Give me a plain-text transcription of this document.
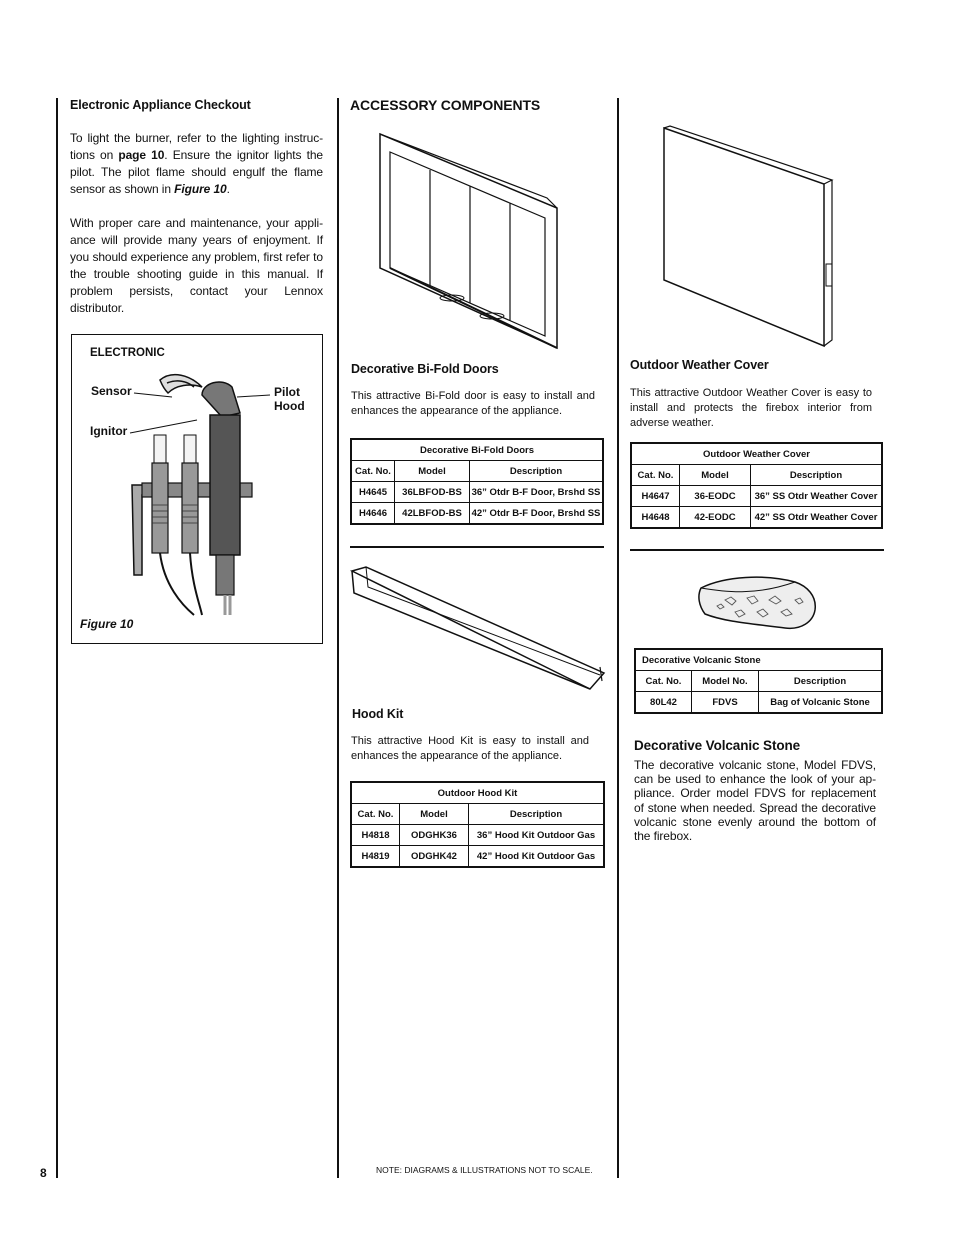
8	NOTE: DIAGRAMS & ILLUSTRATIONS NOT TO SCALE.
Electronic Appliance Checkout
To light the burner, refer to the lighting instruc-tions on page 10. Ensure the ignitor lights the pilot. The pilot flame should engulf the flame sensor as shown in Figure 10.
With proper care and maintenance, your appli-ance will provide many years of enjoyment. If you should experience any problem, first refer to the trouble shooting guide in this manual. If problem persists, contact your Lennox distributor.
ELECTRONIC
Sensor	Pilot
Hood
Ignitor
Figure 10
ACCESSORY COMPONENTS
Decorative Bi-Fold Doors
This attractive Bi-Fold door is easy to install and enhances the appearance of the appliance.
Decorative Bi-Fold Doors		
Cat. No.	Model	Description
H4645	36LBFOD-BS	36” Otdr B-F Door, Brshd SS
H4646	42LBFOD-BS	42” Otdr B-F Door, Brshd SS
Hood Kit
This attractive Hood Kit is easy to install and enhances the appearance of the appliance.
Outdoor Hood Kit		
Cat. No.	Model	Description
H4818	ODGHK36	36” Hood Kit Outdoor Gas
H4819	ODGHK42	42” Hood Kit Outdoor Gas
Outdoor Weather Cover
This attractive Outdoor Weather Cover is easy to install and protects the firebox interior from adverse weather.
Outdoor Weather Cover		
Cat. No.	Model	Description
H4647	36-EODC	36” SS Otdr Weather Cover
H4648	42-EODC	42” SS Otdr Weather Cover
Decorative Volcanic Stone		
Cat. No.	Model No.	Description
80L42	FDVS	Bag of Volcanic Stone
Decorative Volcanic Stone
The decorative volcanic stone, Model FDVS, can be used to enhance the look of your ap-pliance. Order model FDVS for replacement of stone when needed. Spread the decorative volcanic stone evenly around the bottom of the firebox.
